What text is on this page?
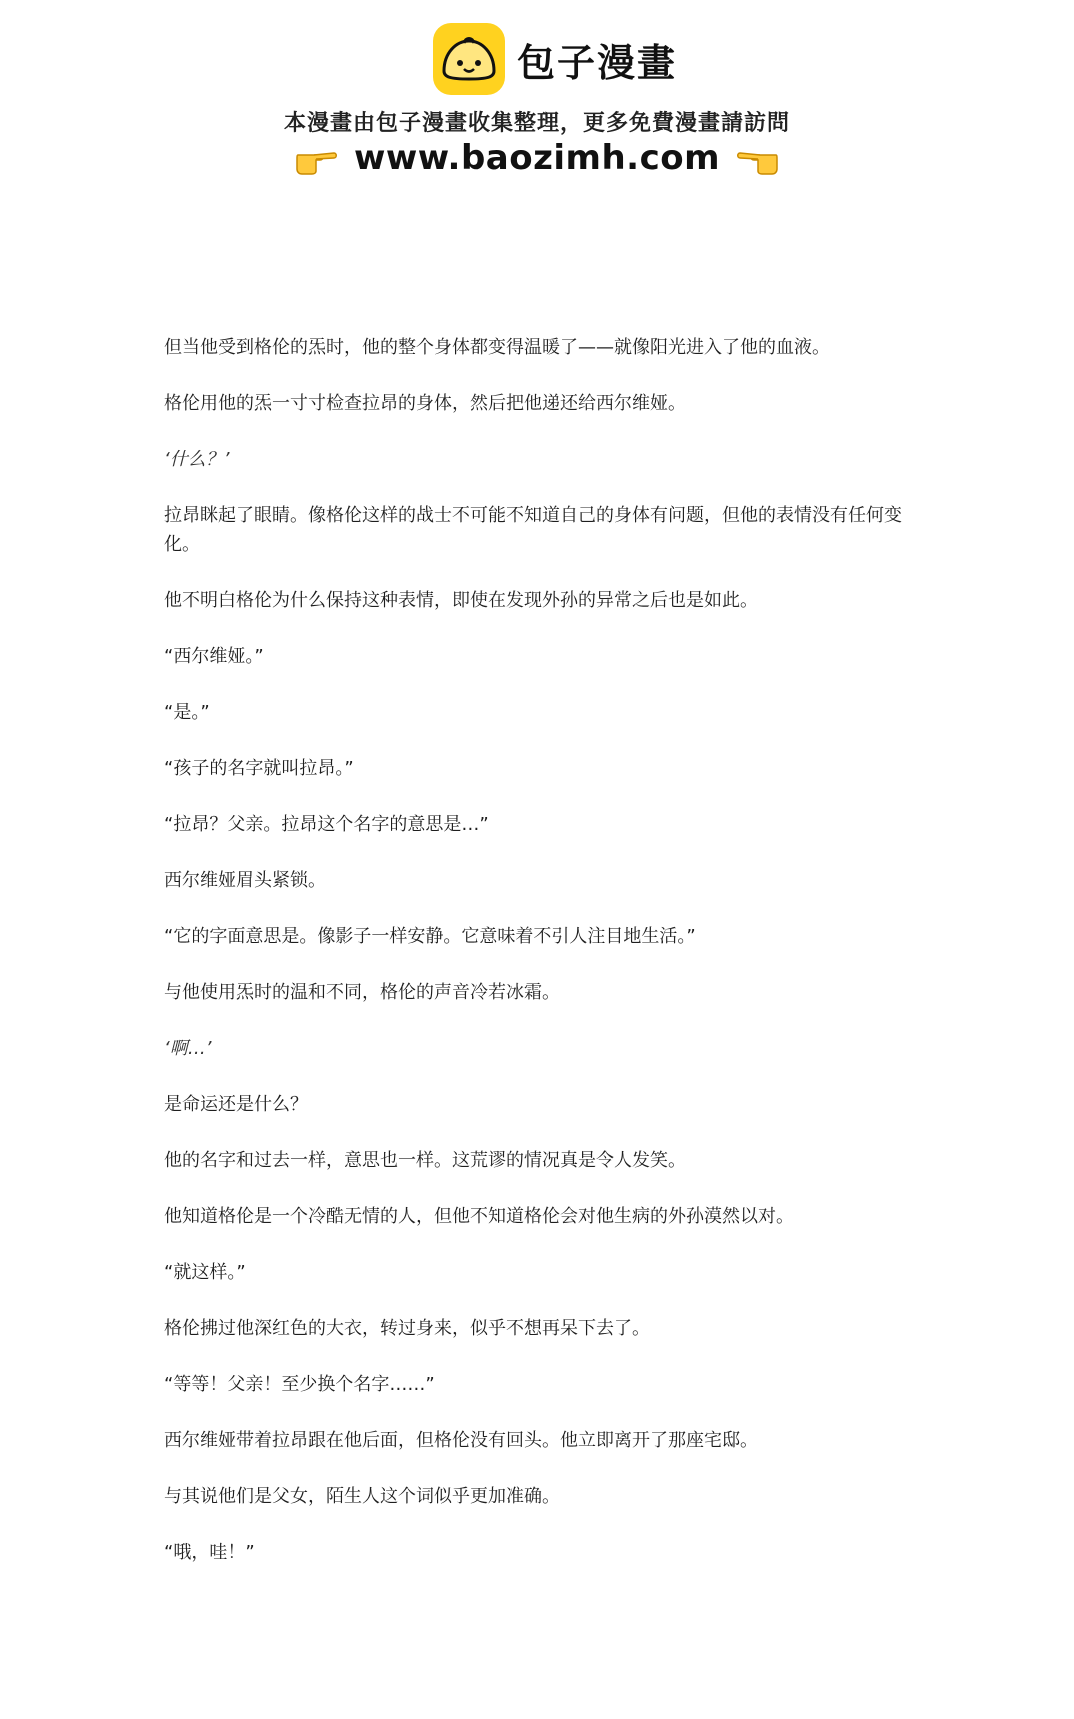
包子漫畫
本漫畫由包子漫畫收集整理，更多免費漫畫請訪問
www.baozimh.com

但当他受到格伦的炁时，他的整个身体都变得温暖了——就像阳光进入了他的血液。

格伦用他的炁一寸寸检查拉昂的身体，然后把他递还给西尔维娅。

‘什么？’

拉昂眯起了眼睛。像格伦这样的战士不可能不知道自己的身体有问题，但他的表情没有任何变化。

他不明白格伦为什么保持这种表情，即使在发现外孙的异常之后也是如此。

“西尔维娅。”

“是。”

“孩子的名字就叫拉昂。”

“拉昂？父亲。拉昂这个名字的意思是…”

西尔维娅眉头紧锁。

“它的字面意思是。像影子一样安静。它意味着不引人注目地生活。”

与他使用炁时的温和不同，格伦的声音冷若冰霜。

‘啊…’

是命运还是什么？

他的名字和过去一样，意思也一样。这荒谬的情况真是令人发笑。

他知道格伦是一个冷酷无情的人，但他不知道格伦会对他生病的外孙漠然以对。

“就这样。”

格伦拂过他深红色的大衣，转过身来，似乎不想再呆下去了。

“等等！父亲！至少换个名字……”

西尔维娅带着拉昂跟在他后面，但格伦没有回头。他立即离开了那座宅邸。

与其说他们是父女，陌生人这个词似乎更加准确。

“哦，哇！”
